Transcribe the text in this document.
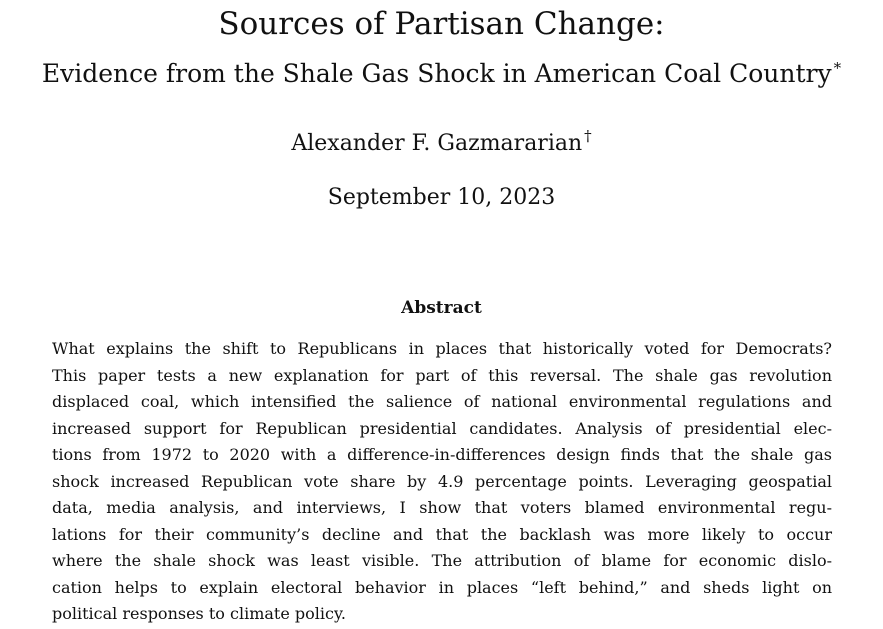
Sources of Partisan Change:
Evidence from the Shale Gas Shock in American Coal Country *
Alexander F. Gazmararian †
September 10, 2023
Abstract
What explains the shift to Republicans in places that historically voted for Democrats?
This paper tests a new explanation for part of this reversal. The shale gas revolution
displaced coal, which intensified the salience of national environmental regulations and
increased support for Republican presidential candidates. Analysis of presidential elec-
tions from 1972 to 2020 with a difference-in-differences design finds that the shale gas
shock increased Republican vote share by 4.9 percentage points. Leveraging geospatial
data, media analysis, and interviews, I show that voters blamed environmental regu-
lations for their community’s decline and that the backlash was more likely to occur
where the shale shock was least visible. The attribution of blame for economic dislo-
cation helps to explain electoral behavior in places “left behind,” and sheds light on
political responses to climate policy.
